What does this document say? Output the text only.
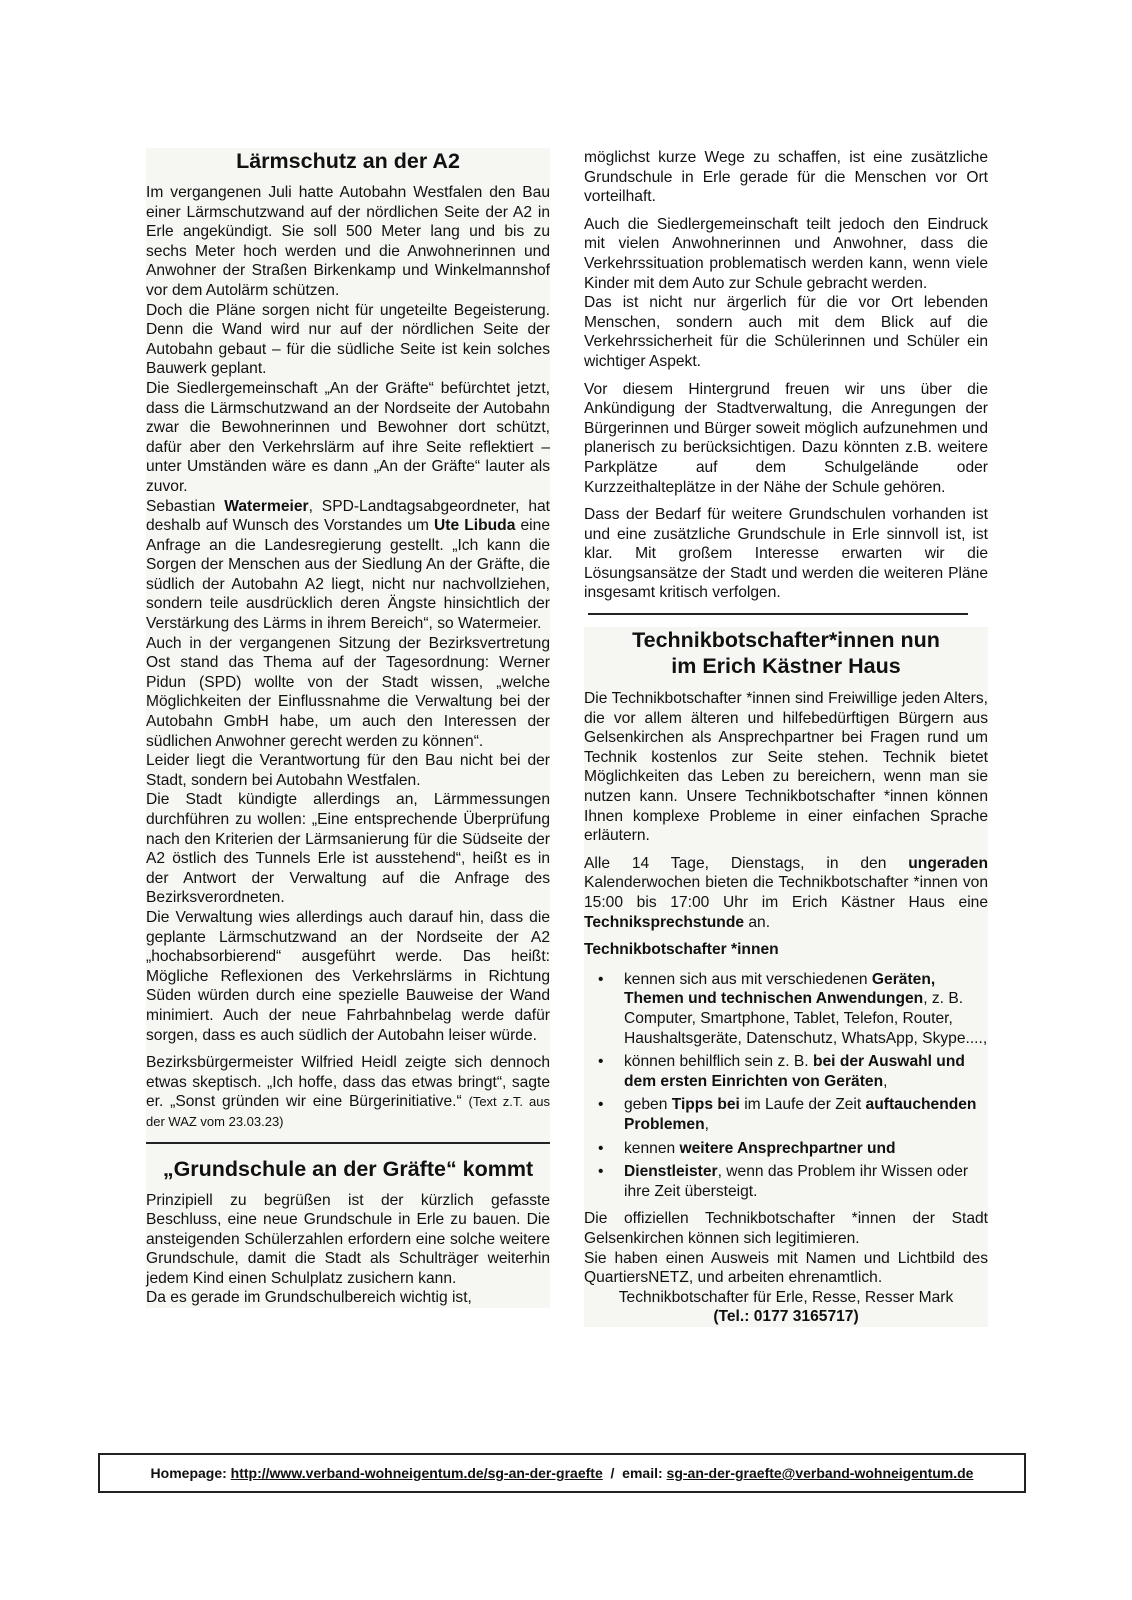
Lärmschutz an der A2

Im vergangenen Juli hatte Autobahn Westfalen den Bau einer Lärmschutzwand auf der nördlichen Seite der A2 in Erle angekündigt. Sie soll 500 Meter lang und bis zu sechs Meter hoch werden und die Anwohnerinnen und Anwohner der Straßen Birkenkamp und Winkelmannshof vor dem Autolärm schützen.

Doch die Pläne sorgen nicht für ungeteilte Begeisterung. Denn die Wand wird nur auf der nördlichen Seite der Autobahn gebaut – für die südliche Seite ist kein solches Bauwerk geplant.

Die Siedlergemeinschaft „An der Gräfte“ befürchtet jetzt, dass die Lärmschutzwand an der Nordseite der Autobahn zwar die Bewohnerinnen und Bewohner dort schützt, dafür aber den Verkehrslärm auf ihre Seite reflektiert – unter Umständen wäre es dann „An der Gräfte“ lauter als zuvor.

Sebastian Watermeier, SPD-Landtagsabgeordneter, hat deshalb auf Wunsch des Vorstandes um Ute Libuda eine Anfrage an die Landesregierung gestellt. „Ich kann die Sorgen der Menschen aus der Siedlung An der Gräfte, die südlich der Autobahn A2 liegt, nicht nur nachvollziehen, sondern teile ausdrücklich deren Ängste hinsichtlich der Verstärkung des Lärms in ihrem Bereich“, so Watermeier.

Auch in der vergangenen Sitzung der Bezirksvertretung Ost stand das Thema auf der Tagesordnung: Werner Pidun (SPD) wollte von der Stadt wissen, „welche Möglichkeiten der Einflussnahme die Verwaltung bei der Autobahn GmbH habe, um auch den Interessen der südlichen Anwohner gerecht werden zu können“.

Leider liegt die Verantwortung für den Bau nicht bei der Stadt, sondern bei Autobahn Westfalen.

Die Stadt kündigte allerdings an, Lärmmessungen durchführen zu wollen: „Eine entsprechende Überprüfung nach den Kriterien der Lärmsanierung für die Südseite der A2 östlich des Tunnels Erle ist ausstehend“, heißt es in der Antwort der Verwaltung auf die Anfrage des Bezirksverordneten.

Die Verwaltung wies allerdings auch darauf hin, dass die geplante Lärmschutzwand an der Nordseite der A2 „hochabsorbierend“ ausgeführt werde. Das heißt: Mögliche Reflexionen des Verkehrslärms in Richtung Süden würden durch eine spezielle Bauweise der Wand minimiert. Auch der neue Fahrbahnbelag werde dafür sorgen, dass es auch südlich der Autobahn leiser würde.

Bezirksbürgermeister Wilfried Heidl zeigte sich dennoch etwas skeptisch. „Ich hoffe, dass das etwas bringt“, sagte er. „Sonst gründen wir eine Bürgerinitiative.“ (Text z.T. aus der WAZ vom 23.03.23)

„Grundschule an der Gräfte“ kommt

Prinzipiell zu begrüßen ist der kürzlich gefasste Beschluss, eine neue Grundschule in Erle zu bauen. Die ansteigenden Schülerzahlen erfordern eine solche weitere Grundschule, damit die Stadt als Schulträger weiterhin jedem Kind einen Schulplatz zusichern kann.

Da es gerade im Grundschulbereich wichtig ist,

möglichst kurze Wege zu schaffen, ist eine zusätzliche Grundschule in Erle gerade für die Menschen vor Ort vorteilhaft.

Auch die Siedlergemeinschaft teilt jedoch den Eindruck mit vielen Anwohnerinnen und Anwohner, dass die Verkehrssituation problematisch werden kann, wenn viele Kinder mit dem Auto zur Schule gebracht werden.

Das ist nicht nur ärgerlich für die vor Ort lebenden Menschen, sondern auch mit dem Blick auf die Verkehrssicherheit für die Schülerinnen und Schüler ein wichtiger Aspekt.

Vor diesem Hintergrund freuen wir uns über die Ankündigung der Stadtverwaltung, die Anregungen der Bürgerinnen und Bürger soweit möglich aufzunehmen und planerisch zu berücksichtigen. Dazu könnten z.B. weitere Parkplätze auf dem Schulgelände oder Kurzzeithalteplätze in der Nähe der Schule gehören.

Dass der Bedarf für weitere Grundschulen vorhanden ist und eine zusätzliche Grundschule in Erle sinnvoll ist, ist klar. Mit großem Interesse erwarten wir die Lösungsansätze der Stadt und werden die weiteren Pläne insgesamt kritisch verfolgen.

Technikbotschafter*innen nun
im Erich Kästner Haus

Die Technikbotschafter *innen sind Freiwillige jeden Alters, die vor allem älteren und hilfebedürftigen Bürgern aus Gelsenkirchen als Ansprechpartner bei Fragen rund um Technik kostenlos zur Seite stehen. Technik bietet Möglichkeiten das Leben zu bereichern, wenn man sie nutzen kann. Unsere Technikbotschafter *innen können Ihnen komplexe Probleme in einer einfachen Sprache erläutern.

Alle 14 Tage, Dienstags, in den ungeraden Kalenderwochen bieten die Technikbotschafter *innen von 15:00 bis 17:00 Uhr im Erich Kästner Haus eine Techniksprechstunde an.

Technikbotschafter *innen

• kennen sich aus mit verschiedenen Geräten, Themen und technischen Anwendungen, z. B. Computer, Smartphone, Tablet, Telefon, Router, Haushaltsgeräte, Datenschutz, WhatsApp, Skype....,
• können behilflich sein z. B. bei der Auswahl und dem ersten Einrichten von Geräten,
• geben Tipps bei im Laufe der Zeit auftauchenden Problemen,
• kennen weitere Ansprechpartner und
• Dienstleister, wenn das Problem ihr Wissen oder ihre Zeit übersteigt.

Die offiziellen Technikbotschafter *innen der Stadt Gelsenkirchen können sich legitimieren.

Sie haben einen Ausweis mit Namen und Lichtbild des QuartiersNETZ, und arbeiten ehrenamtlich.

Technikbotschafter für Erle, Resse, Resser Mark

(Tel.: 0177 3165717)

Homepage: http://www.verband-wohneigentum.de/sg-an-der-graefte /  email: sg-an-der-graefte@verband-wohneigentum.de
